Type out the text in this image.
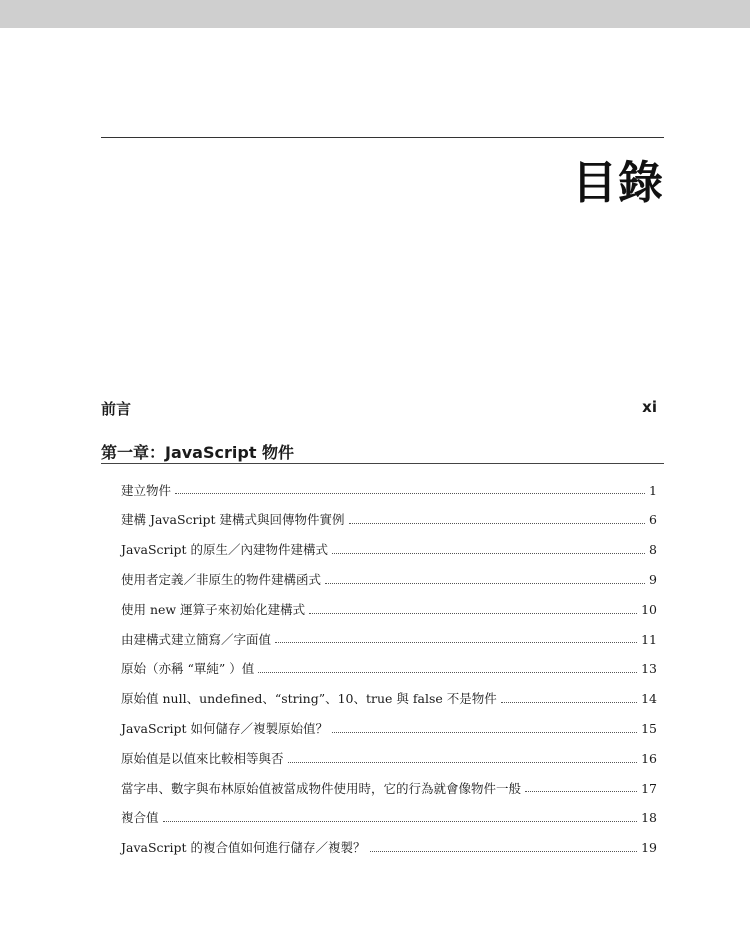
目錄
前言	xi
第一章：JavaScript 物件
建立物件	1
建構 JavaScript 建構式與回傳物件實例	6
JavaScript 的原生／內建物件建構式	8
使用者定義／非原生的物件建構函式	9
使用 new 運算子來初始化建構式	10
由建構式建立簡寫／字面值	11
原始（亦稱 “單純” ）值	13
原始值 null、undefined、“string”、10、true 與 false 不是物件	14
JavaScript 如何儲存／複製原始值？	15
原始值是以值來比較相等與否	16
當字串、數字與布林原始值被當成物件使用時，它的行為就會像物件一般	17
複合值	18
JavaScript 的複合值如何進行儲存／複製？	19
